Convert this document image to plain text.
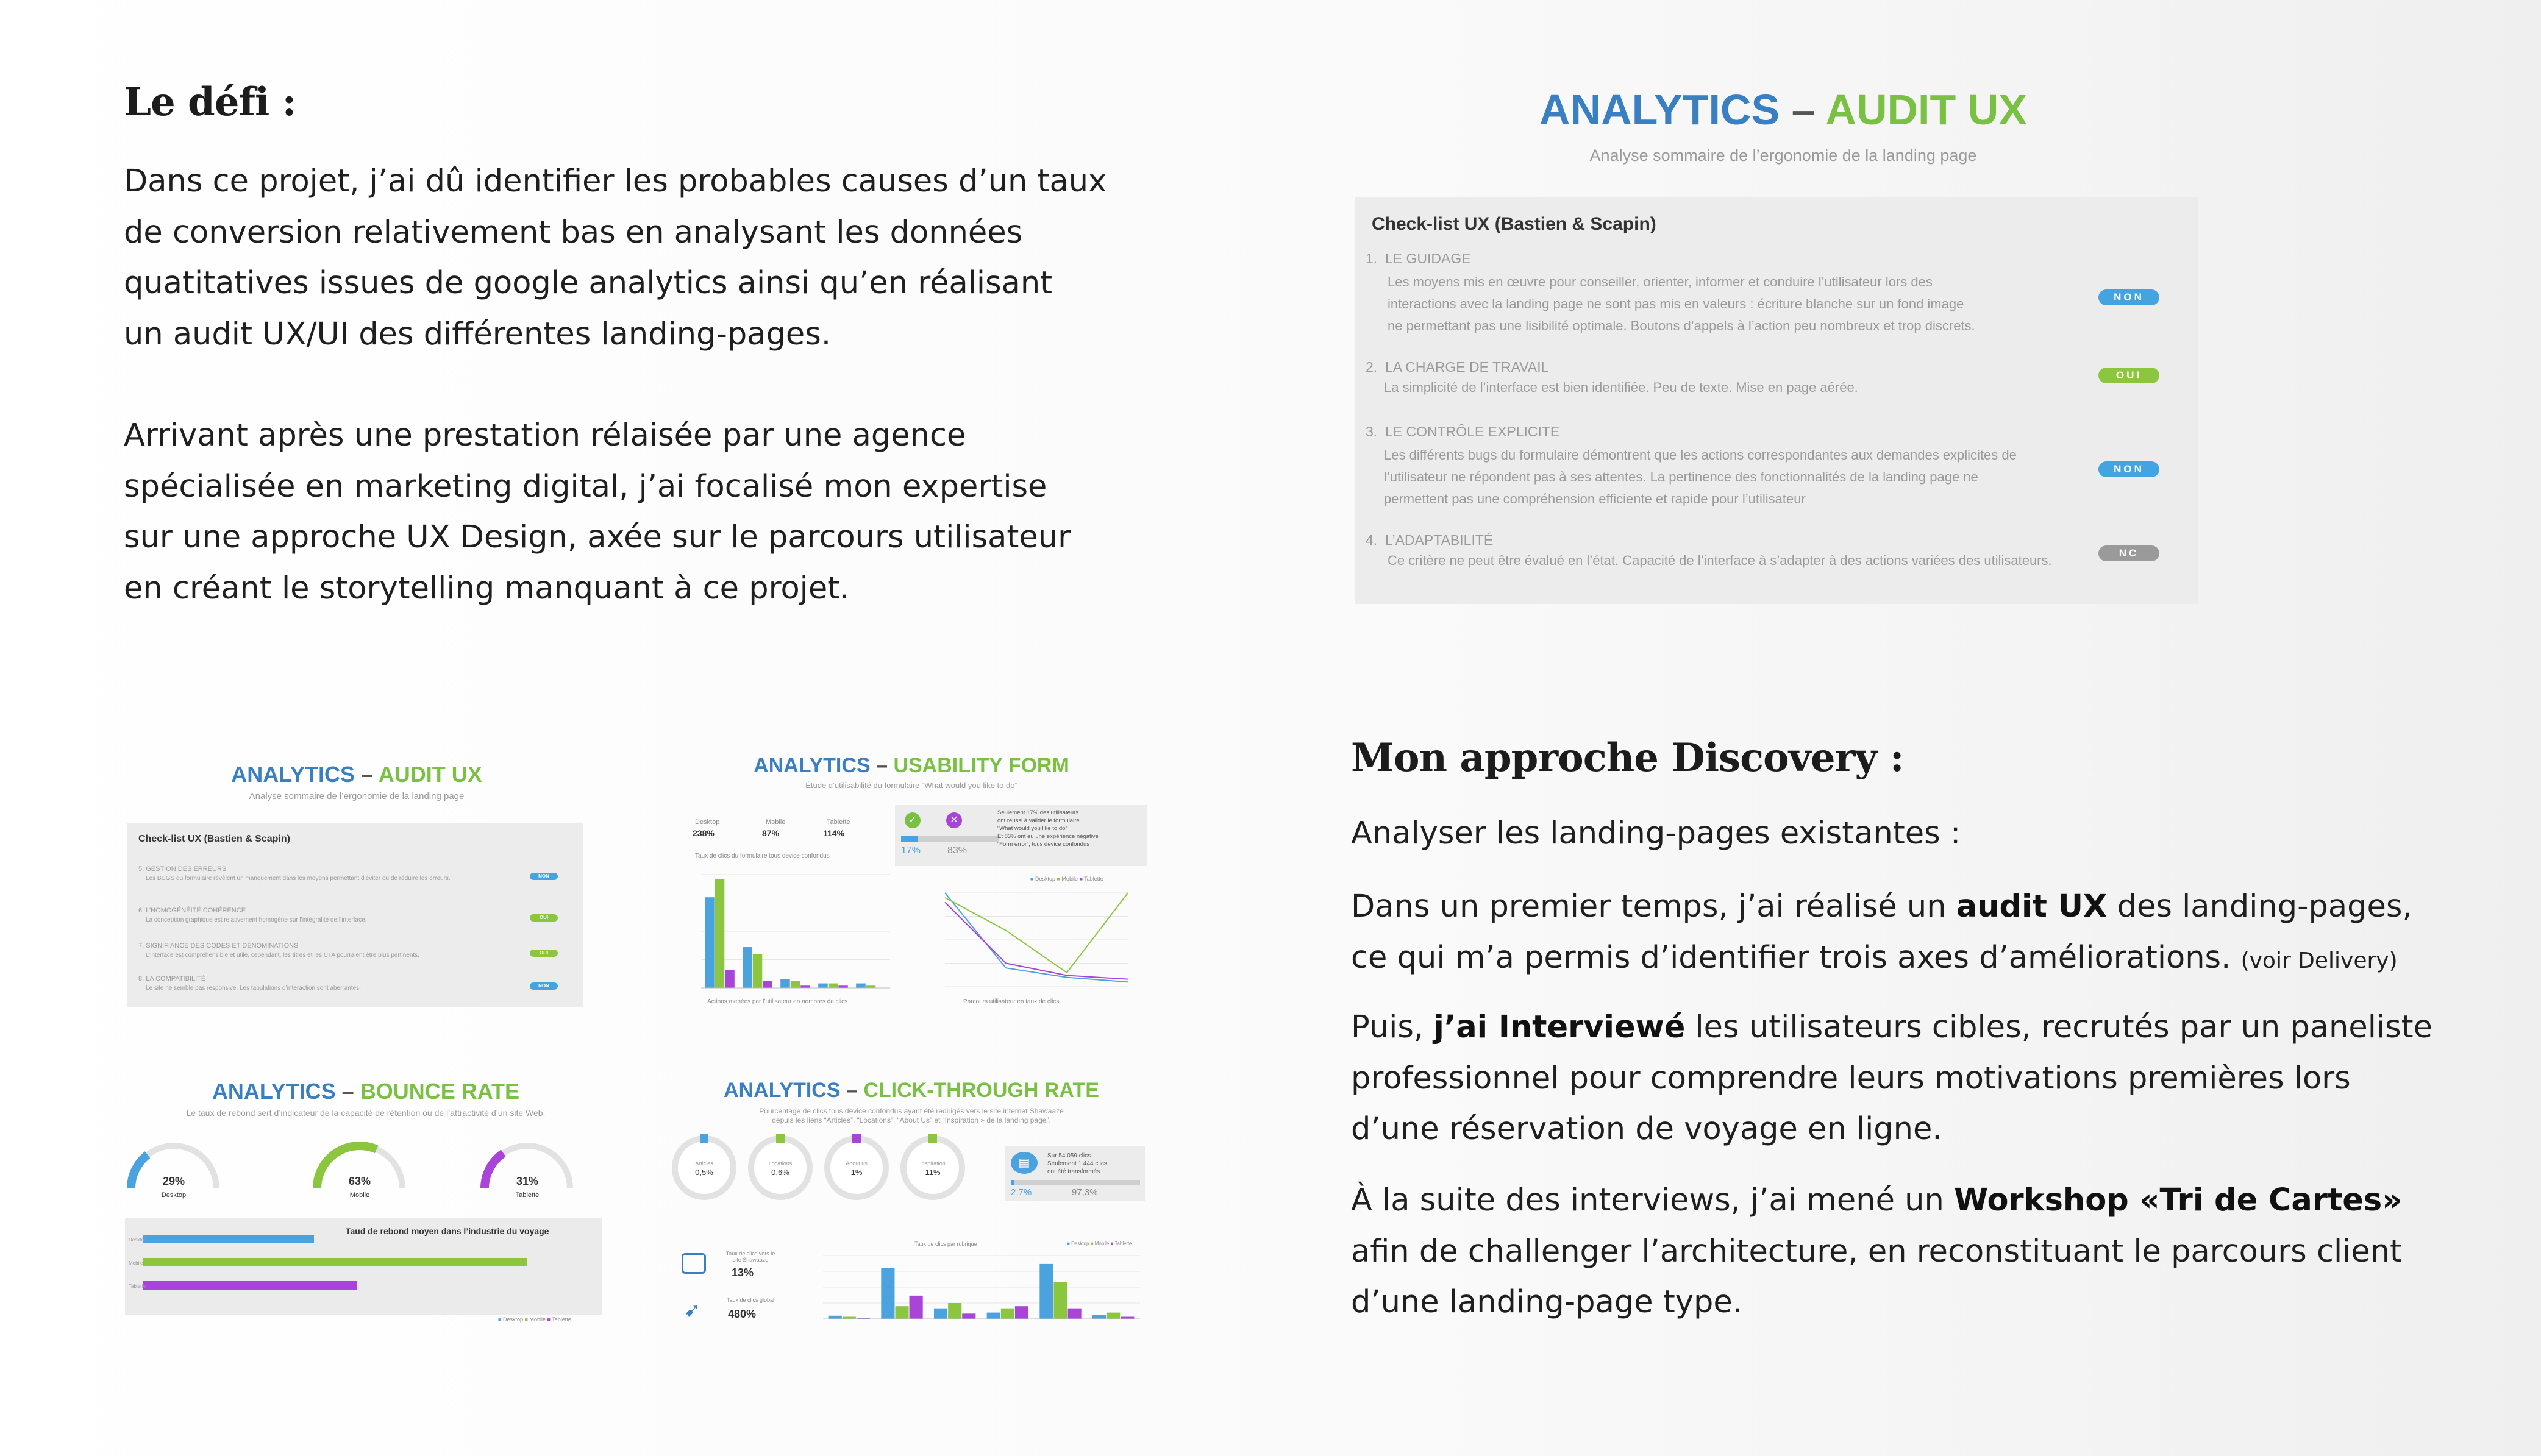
Le défi :
Dans ce projet, j’ai dû identifier les probables causes d’un taux
de conversion relativement bas en analysant les données
quatitatives issues de google analytics ainsi qu’en réalisant
un audit UX/UI des différentes landing-pages.
Arrivant après une prestation rélaisée par une agence
spécialisée en marketing digital, j’ai focalisé mon expertise
sur une approche UX Design, axée sur le parcours utilisateur
en créant le storytelling manquant à ce projet.
ANALYTICS – AUDIT UX
Analyse sommaire de l’ergonomie de la landing page
Check-list UX (Bastien & Scapin)
1. LE GUIDAGE
Les moyens mis en œuvre pour conseiller, orienter, informer et conduire l’utilisateur lors des
interactions avec la landing page ne sont pas mis en valeurs : écriture blanche sur un fond image
ne permettant pas une lisibilité optimale. Boutons d’appels à l’action peu nombreux et trop discrets.
NON
2. LA CHARGE DE TRAVAIL
La simplicité de l’interface est bien identifiée. Peu de texte. Mise en page aérée.
OUI
3. LE CONTRÔLE EXPLICITE
Les différents bugs du formulaire démontrent que les actions correspondantes aux demandes explicites de
l’utilisateur ne répondent pas à ses attentes. La pertinence des fonctionnalités de la landing page ne
permettent pas une compréhension efficiente et rapide pour l’utilisateur
NON
4. L’ADAPTABILITÉ
Ce critère ne peut être évalué en l’état. Capacité de l’interface à s’adapter à des actions variées des utilisateurs.	NC
Mon approche Discovery :
Analyser les landing-pages existantes :
Dans un premier temps, j’ai réalisé un audit UX des landing-pages,
ce qui m’a permis d’identifier trois axes d’améliorations. (voir Delivery)
Puis, j’ai Interviewé les utilisateurs cibles, recrutés par un paneliste
professionnel pour comprendre leurs motivations premières lors
d’une réservation de voyage en ligne.
À la suite des interviews, j’ai mené un Workshop «Tri de Cartes»
afin de challenger l’architecture, en reconstituant le parcours client
d’une landing-page type.
ANALYTICS – AUDIT UX
Analyse sommaire de l’ergonomie de la landing page
Check-list UX (Bastien & Scapin)
5. GESTION DES ERREURS
Les BUGS du formulaire révèlent un manquement dans les moyens permettant d’éviter ou de réduire les erreurs.	NON
6. L’HOMOGÉNÉITÉ COHÉRENCE
La conception graphique est relativement homogène sur l’intégralité de l’interface.	OUI
7. SIGNIFIANCE DES CODES ET DÉNOMINATIONS
L’interface est compréhensible et utile, cependant, les titres et les CTA pourraient être plus pertinents.	OUI
8. LA COMPATIBILITÉ
Le site ne semble pas responsive. Les tabulations d’interaction sont aberrantes.	NON
ANALYTICS – USABILITY FORM
Étude d’utilisabilité du formulaire “What would you like to do”
Desktop
238%
Mobile
87%
Tablette
114%
Taux de clics du formulaire tous device confondus
✓	✕
17%	83%
Seulement 17% des utilisateurs
ont réussi à valider le formulaire
“What would you like to do”
Et 83% ont eu une expérience négative
“Form error”, tous device confondus
■ Desktop ■ Mobile ■ Tablette
Actions menées par l’utilisateur en nombres de clics	Parcours utilisateur en taux de clics
ANALYTICS – BOUNCE RATE
Le taux de rebond sert d’indicateur de la capacité de rétention ou de l’attractivité d’un site Web.
29%
Desktop
63%
Mobile
31%
Tablette
Taud de rebond moyen dans l’industrie du voyage
Desktop
Mobile
Tablette
■ Desktop ■ Mobile ■ Tablette
ANALYTICS – CLICK-THROUGH RATE
Pourcentage de clics tous device confondus ayant été redirigés vers le site internet Shawaaze
depuis les liens “Articles”, “Locations”, “About Us” et “Inspiration » de la landing page”.
Articles
0,5%
Locations
0,6%
About us
1%
Inspiration
11%
▤
Sur 54 059 clics
Seulement 1 444 clics
ont été transformés
2,7%	97,3%
Taux de clics vers le site Shawaaze
13%
➹	Taux de clics global
480%
Taux de clics par rubrique	■ Desktop ■ Mobile ■ Tablette
